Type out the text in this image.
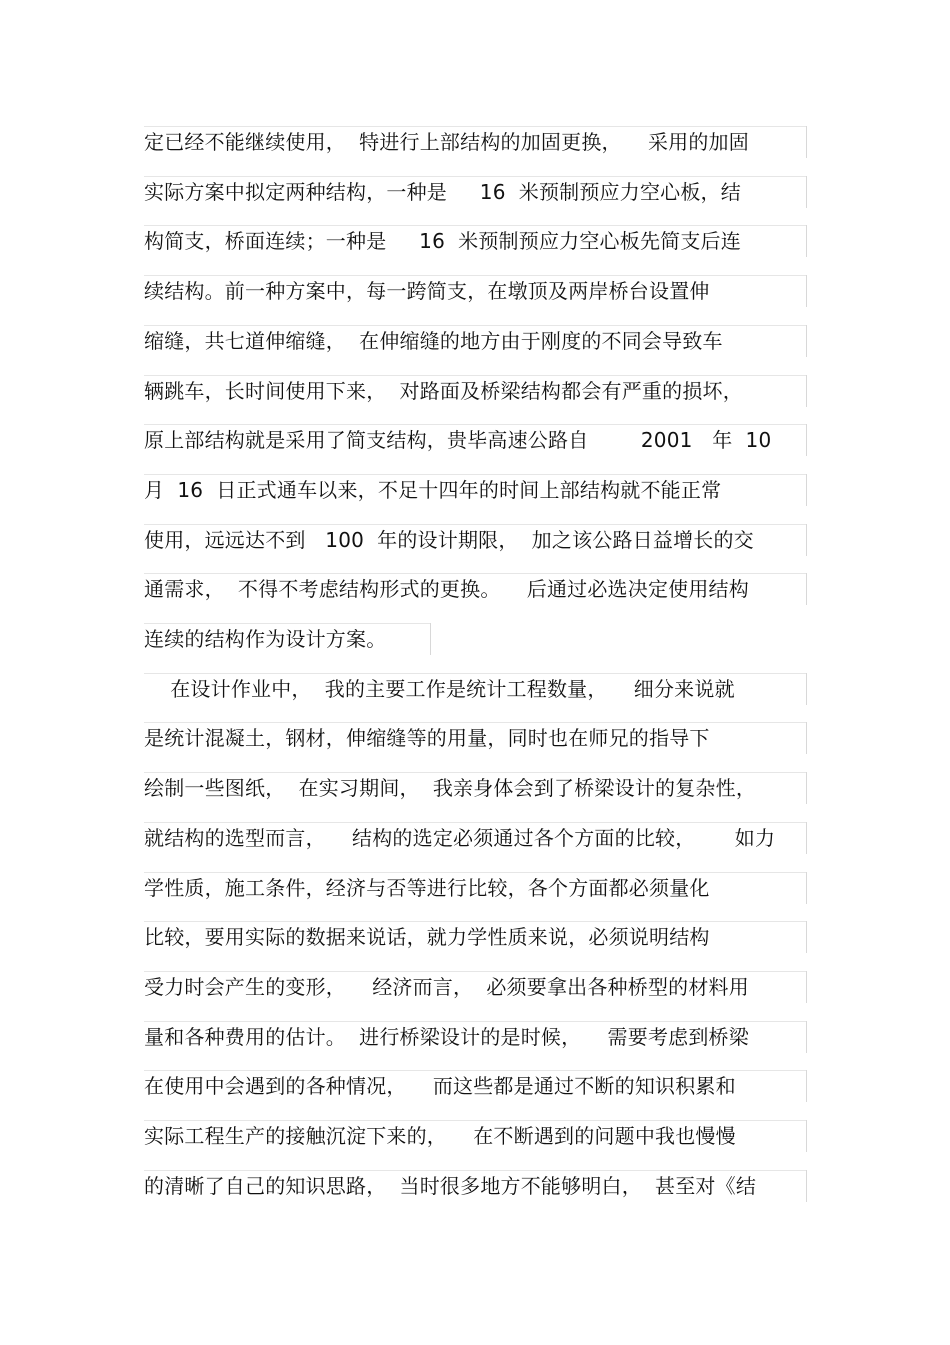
定已经不能继续使用，  特进行上部结构的加固更换，    采用的加固
实际方案中拟定两种结构，一种是     16  米预制预应力空心板，结
构简支，桥面连续；一种是     16  米预制预应力空心板先简支后连
续结构。前一种方案中，每一跨简支，在墩顶及两岸桥台设置伸
缩缝，共七道伸缩缝，  在伸缩缝的地方由于刚度的不同会导致车
辆跳车，长时间使用下来，  对路面及桥梁结构都会有严重的损坏，
原上部结构就是采用了简支结构，贵毕高速公路自        2001   年  10
月  16  日正式通车以来，不足十四年的时间上部结构就不能正常
使用，远远达不到   100  年的设计期限，  加之该公路日益增长的交
通需求，  不得不考虑结构形式的更换。    后通过必选决定使用结构
连续的结构作为设计方案。
在设计作业中，  我的主要工作是统计工程数量，    细分来说就
是统计混凝土，钢材，伸缩缝等的用量，同时也在师兄的指导下
绘制一些图纸，  在实习期间，  我亲身体会到了桥梁设计的复杂性，
就结构的选型而言，    结构的选定必须通过各个方面的比较，      如力
学性质，施工条件，经济与否等进行比较，各个方面都必须量化
比较，要用实际的数据来说话，就力学性质来说，必须说明结构
受力时会产生的变形，    经济而言，  必须要拿出各种桥型的材料用
量和各种费用的估计。  进行桥梁设计的是时候，    需要考虑到桥梁
在使用中会遇到的各种情况，    而这些都是通过不断的知识积累和
实际工程生产的接触沉淀下来的，    在不断遇到的问题中我也慢慢
的清晰了自己的知识思路，  当时很多地方不能够明白，  甚至对《结
